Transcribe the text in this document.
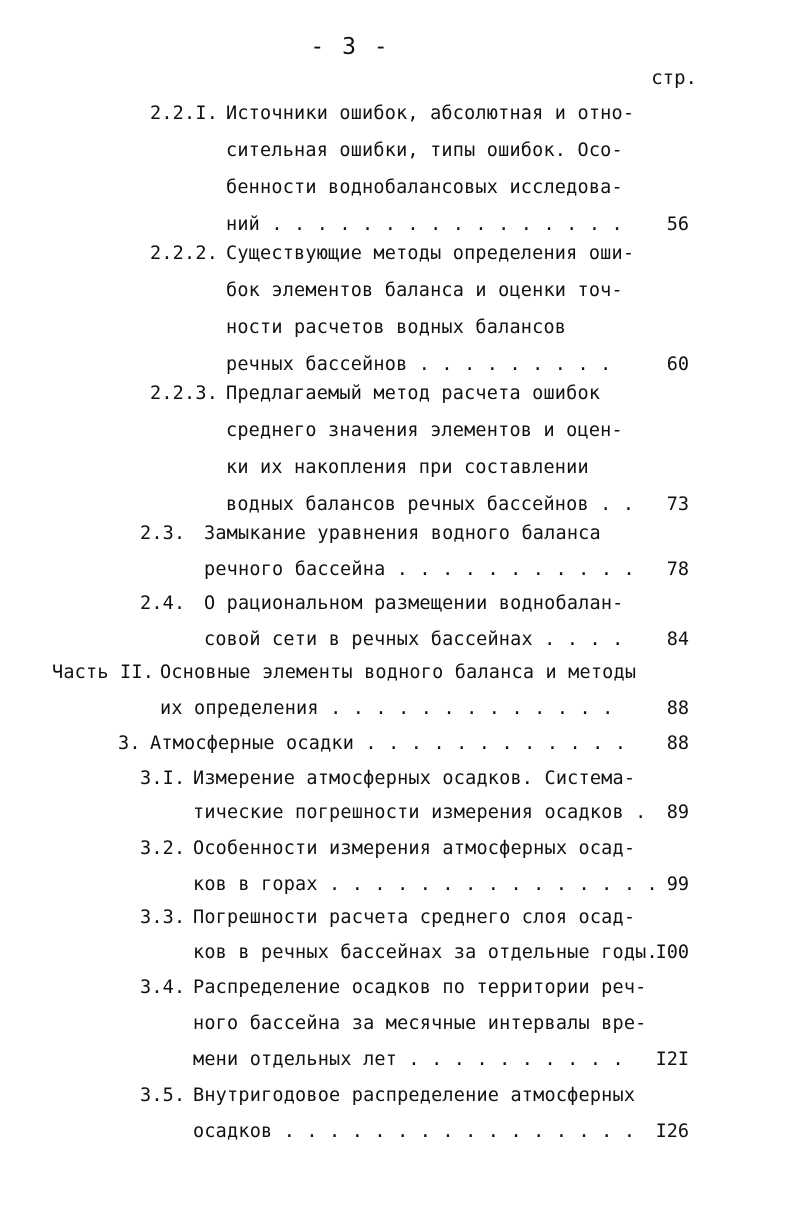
- 3 -
стр.
2.2.I. Источники ошибок, абсолютная и отно-
сительная ошибки, типы ошибок. Осо-
бенности воднобалансовых исследова-
ний . . . . . . . . . . . . . . . . 56
2.2.2. Существующие методы определения оши-
бок элементов баланса и оценки точ-
ности расчетов водных балансов
речных бассейнов . . . . . . . . .	60
2.2.3. Предлагаемый метод расчета ошибок
среднего значения элементов и оцен-
ки их накопления при составлении
водных балансов речных бассейнов . . 73
2.3. Замыкание уравнения водного баланса
речного бассейна . . . . . . . . . . . 78
2.4. О рациональном размещении воднобалан-
совой сети в речных бассейнах . . . . 84
Часть II. Основные элементы водного баланса и методы
их определения . . . . . . . . . . . . .	88
3. Атмосферные осадки . . . . . . . . . . . . 88
3.I. Измерение атмосферных осадков. Система-
тические погрешности измерения осадков . 89
3.2. Особенности измерения атмосферных осад-
ков в горах . . . . . . . . . . . . . . . 99
3.3. Погрешности расчета среднего слоя осад-
ков в речных бассейнах за отдельные годы.
I00
3.4. Распределение осадков по территории реч-
ного бассейна за месячные интервалы вре-
мени отдельных лет . . . . . . . . . . I2I
3.5. Внутригодовое распределение атмосферных
осадков . . . . . . . . . . . . . . . . I26
